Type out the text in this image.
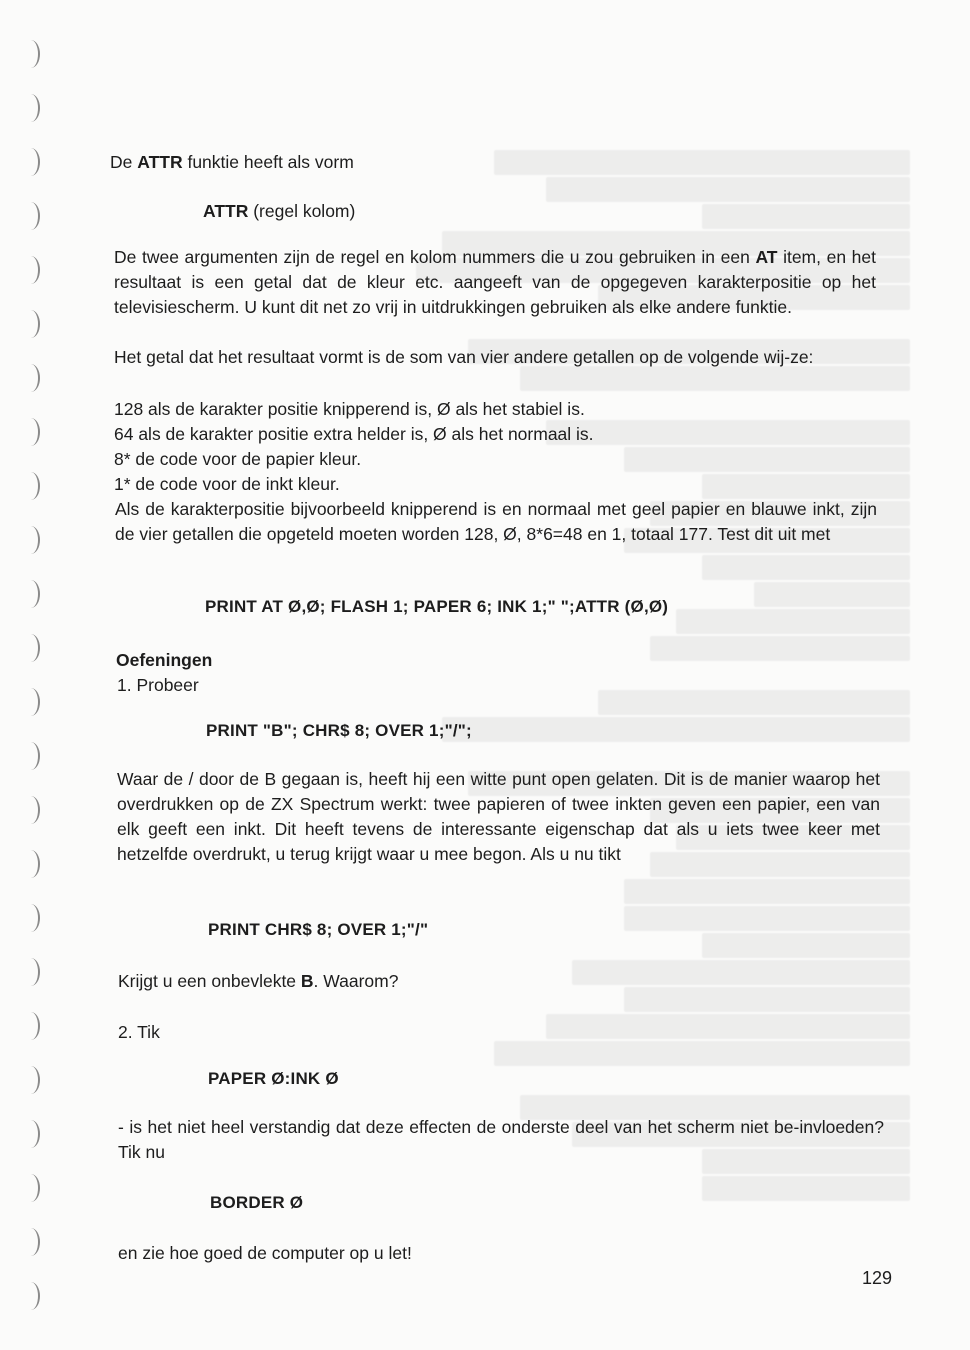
De ATTR funktie heeft als vorm
ATTR (regel kolom)
De twee argumenten zijn de regel en kolom nummers die u zou gebruiken in een AT item, en het resultaat is een getal dat de kleur etc. aangeeft van de opgegeven karakterpositie op het televisiescherm. U kunt dit net zo vrij in uitdrukkingen gebruiken als elke andere funktie.
Het getal dat het resultaat vormt is de som van vier andere getallen op de volgende wij-ze:
128 als de karakter positie knipperend is, Ø als het stabiel is.
64 als de karakter positie extra helder is, Ø als het normaal is.
8* de code voor de papier kleur.
1* de code voor de inkt kleur.
Als de karakterpositie bijvoorbeeld knipperend is en normaal met geel papier en blauwe inkt, zijn de vier getallen die opgeteld moeten worden 128, Ø, 8*6=48 en 1, totaal 177. Test dit uit met
PRINT AT Ø,Ø; FLASH 1; PAPER 6; INK 1;" ";ATTR (Ø,Ø)
Oefeningen
1. Probeer
PRINT "B"; CHR$ 8; OVER 1;"/";
Waar de / door de B gegaan is, heeft hij een witte punt open gelaten. Dit is de manier waarop het overdrukken op de ZX Spectrum werkt: twee papieren of twee inkten geven een papier, een van elk geeft een inkt. Dit heeft tevens de interessante eigenschap dat als u iets twee keer met hetzelfde overdrukt, u terug krijgt waar u mee begon. Als u nu tikt
PRINT CHR$ 8; OVER 1;"/"
Krijgt u een onbevlekte B. Waarom?
2. Tik
PAPER Ø:INK Ø
- is het niet heel verstandig dat deze effecten de onderste deel van het scherm niet be-invloeden? Tik nu
BORDER Ø
en zie hoe goed de computer op u let!
129
